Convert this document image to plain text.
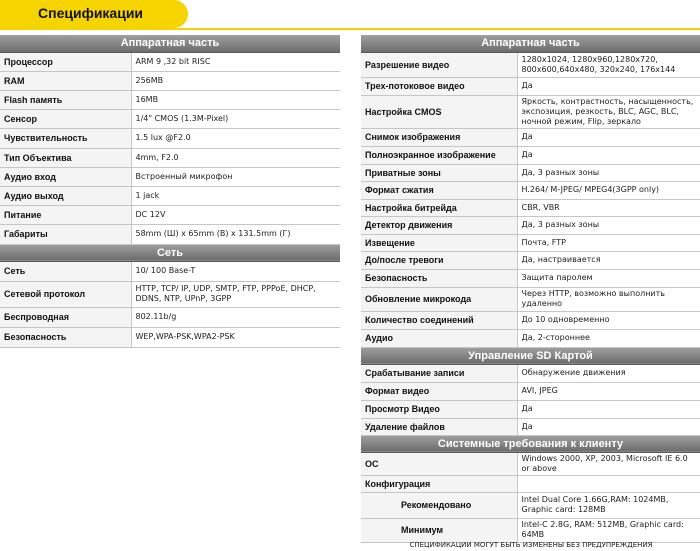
Спецификации
Аппаратная часть	
Процессор	ARM 9 ,32 bit RISC
RAM	256MB
Flash память	16MB
Сенсор	1/4" CMOS (1.3M-Pixel)
Чувствительность	1.5 lux @F2.0
Тип Объектива	4mm, F2.0
Аудио вход	Встроенный микрофон
Аудио выход	1 jack
Питание	DC 12V
Габариты	58mm (Ш) x 65mm (В) x 131.5mm (Г)
Сеть	
Сеть	10/ 100 Base-T
Сетевой протокол	HTTP, TCP/ IP, UDP, SMTP, FTP, PPPoE, DHCP, DDNS, NTP, UPnP, 3GPP
Беспроводная	802.11b/g
Безопасность	WEP,WPA-PSK,WPA2-PSK
Аппаратная часть	
Разрешение видео	1280x1024, 1280x960,1280x720, 800x600,640x480, 320x240, 176x144
Трех-потоковое видео	Да
Настройка CMOS	Яркость, контрастность, насыщенность, экспозиция, резкость, BLC, AGC, BLC, ночной режим, Flip, зеркало
Снимок изображения	Да
Полноэкранное изображение	Да
Приватные зоны	Да, 3 разных зоны
Формат сжатия	H.264/ M-JPEG/ MPEG4(3GPP only)
Настройка битрейда	CBR, VBR
Детектор движения	Да, 3 разных зоны
Извещение	Почта, FTP
До/после тревоги	Да, настраивается
Безопасность	Защита паролем
Обновление микрокода	Через HTTP, возможно выполнить удаленно
Количество соединений	До 10 одновременно
Аудио	Да, 2-стороннее
Управление SD Картой	
Срабатывание записи	Обнаружение движения
Формат видео	AVI, JPEG
Просмотр Видео	Да
Удаление файлов	Да
Системные требования к клиенту	
ОС	Windows 2000, XP, 2003, Microsoft IE 6.0 or above
Конфигурация	
Рекомендовано	Intel Dual Core 1.66G,RAM: 1024MB, Graphic card: 128MB
Минимум	Intel-C 2.8G, RAM: 512MB, Graphic card: 64MB
СПЕЦИФИКАЦИИ МОГУТ БЫТЬ ИЗМЕНЕНЫ БЕЗ ПРЕДУПРЕЖДЕНИЯ
